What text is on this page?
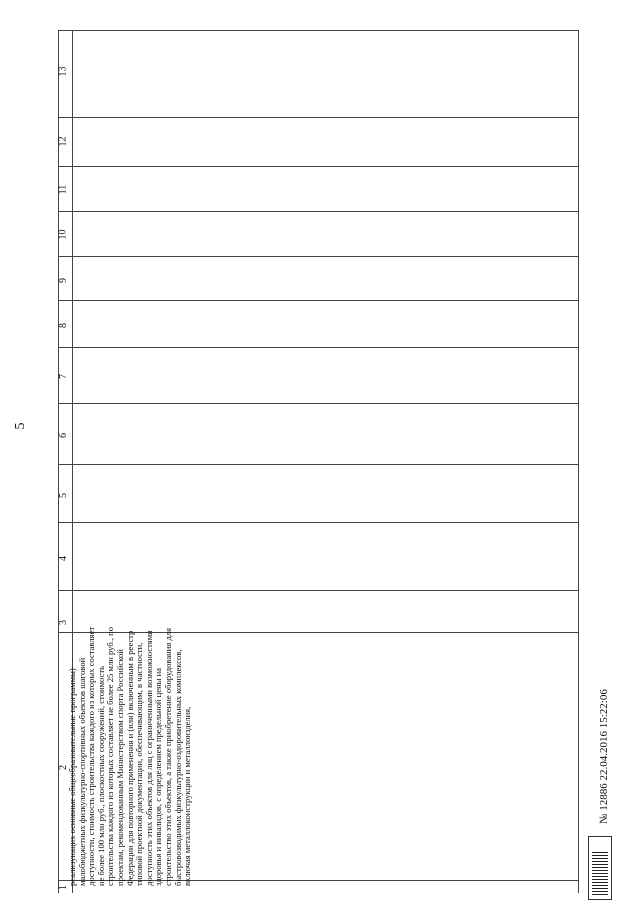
5
13
12
11
10
9
8
7
6
5
4
3
2
1
реализующих основные общеобразовательные программы) малобюджетных физкультурно-спортивных объектов шаговой доступности, стоимость строительства каждого из которых составляет не более 100 млн руб., плоскостных сооружений, стоимость строительства каждого из которых составляет не более 25 млн руб., по проектам, рекомендованным Министерством спорта Российской Федерации для повторного применения и (или) включенным в реестр типовой проектной документации, обеспечивающим, в частности, доступность этих объектов для лиц с ограниченными возможностями здоровья и инвалидов, с определением предельной цены на строительство этих объектов, а также приобретение оборудования для быстровозводимых физкультурно-оздоровительных комплексов, включая металлоконструкции и металлоизделия,	№ 12886 22.04.2016 15:22:06
